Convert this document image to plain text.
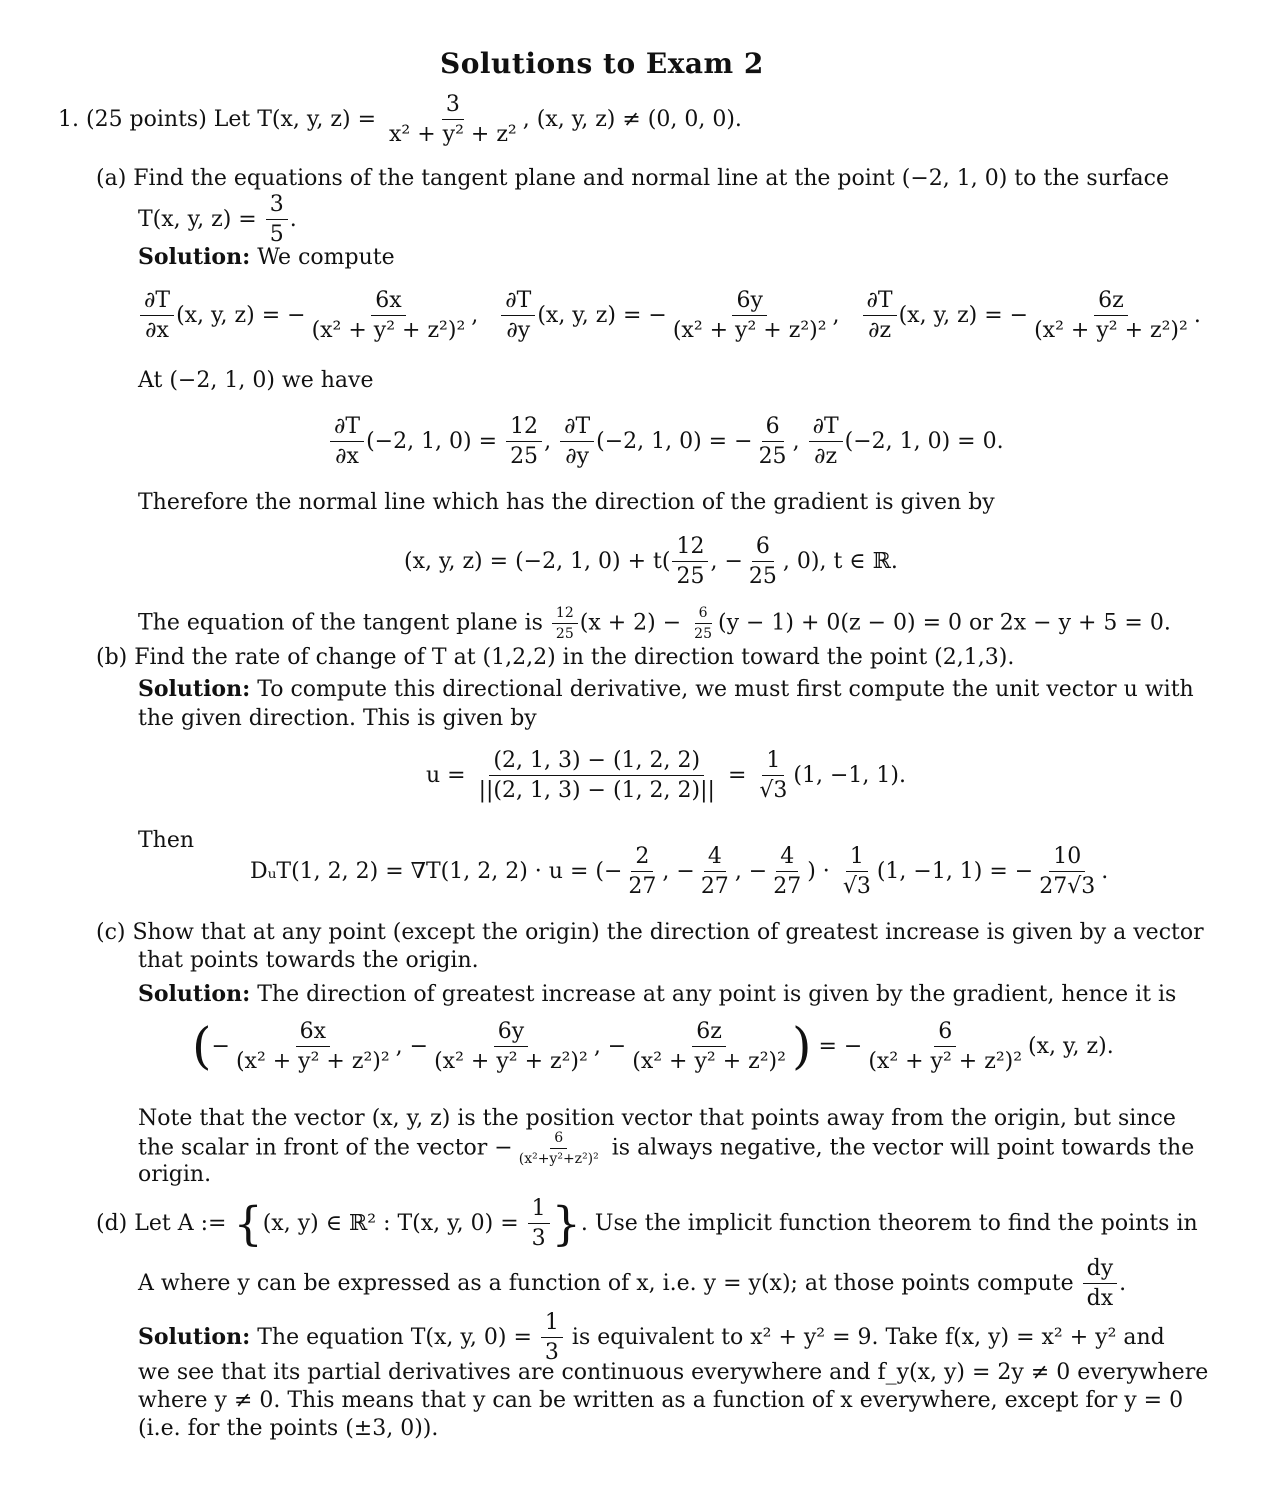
Solutions to Exam 2
1. (25 points) Let T(x, y, $z) = \frac{3}{\text{x² + y² + z²}}$ , (x, y, z) ≠ (0, 0, 0).
(a) Find the equations of the tangent plane and normal line at the point (−2, 1, 0) to the surface
T(x, y, $z) = \frac{3}{5}$ .
Solution: We compute
$\frac{\partial T}{\partial x} (x$, y, z) = − $\frac{6x}{\text{(x² + y² + z²)²}}$ , $\frac{\partial T}{\partial y} (x$, y, z) = − $\frac{6y}{\text{(x² + y² + z²)²}}$ , $\frac{\partial T}{\partial z} (x$, y, z) = − $\frac{6z}{\text{(x² + y² + z²)²}}$ .
At (−2, 1, 0) we have
$\frac{\partial T}{\partial x} (-2$, 1, $0) = \frac{12}{25}$ , $\frac{\partial T}{\partial y} (-2$, 1, 0) = − $\frac{6}{25}$ , $\frac{\partial T}{\partial z} (-2$, 1, 0) = 0.
Therefore the normal line which has the direction of the gradient is given by
(x, y, z) = (−2, 1, $0) + t( \frac{12}{25}$ , − $\frac{6}{25}$ , 0), t ∈ ℝ.
The equation of the tangent plane is $\frac{12}{25} (x + 2) - \frac{6}{25} (y - 1) + 0(z - 0) = 0$ or 2x − y + 5 = 0.
(b) Find the rate of change of T at (1,2,2) in the direction toward the point (2,1,3).
Solution: To compute this directional derivative, we must first compute the unit vector u with
the given direction. This is given by
$u = \frac{(2, 1, 3) - (1, 2, 2)}{||(2, 1, 3) - (1, 2, 2)||} = \frac{1}{√3} (1$, −1, 1).
Then
DᵤT(1, 2, 2) = ∇T(1, 2, 2) · u = (− $\frac{2}{27}$ , − $\frac{4}{27}$ , − $\frac{4}{27}$ ) · $\frac{1}{√3} (1$, −1, 1) = − $\frac{10}{27√3}$ .
(c) Show that at any point (except the origin) the direction of greatest increase is given by a vector
that points towards the origin.
Solution: The direction of greatest increase at any point is given by the gradient, hence it is
(− $\frac{6x}{\text{(x² + y² + z²)²}}$ , − $\frac{6y}{\text{(x² + y² + z²)²}}$ , − $\frac{6z}{\text{(x² + y² + z²)²}}$ ) = − $\frac{6}{\text{(x² + y² + z²)²}} (x$, y, z).
Note that the vector (x, y, z) is the position vector that points away from the origin, but since
the scalar in front of the vector − $\frac{6}{\text{(x²+y²+z²)²}}$ is always negative, the vector will point towards the
origin.
(d) Let A := {(x, y) ∈ ℝ² : T(x, y, $0) = \frac{1}{3}$ }. Use the implicit function theorem to find the points in
A where y can be expressed as a function of x, i.e. y = y(x); at those points compute $\frac{dy}{dx}$ .
Solution: The equation T(x, y, $0) = \frac{1}{3}$ is equivalent to x² + y² = 9. Take f(x, y) = x² + y² and
we see that its partial derivatives are continuous everywhere and f_y(x, y) = 2y ≠ 0 everywhere
where y ≠ 0. This means that y can be written as a function of x everywhere, except for y = 0
(i.e. for the points (±3, 0)).
